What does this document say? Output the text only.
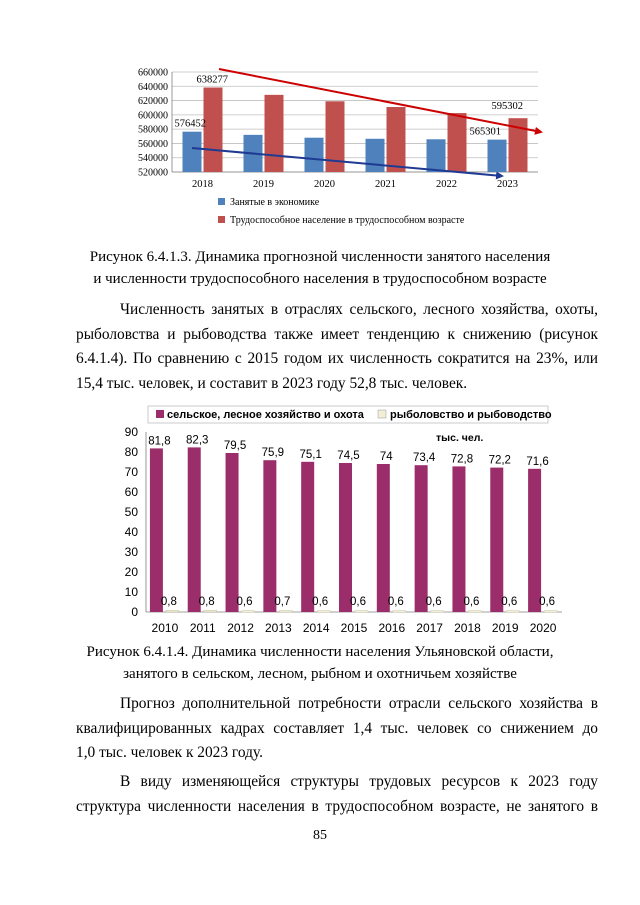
520000
540000
560000
580000
600000
620000
640000
660000
2018	2019	2020	2021	2022	2023
576452
638277
565301
595302
Занятые в экономике
Трудоспособное население в трудоспособном возрасте
Рисунок 6.4.1.3. Динамика прогнозной численности занятого населения
и численности трудоспособного населения в трудоспособном возрасте
Численность занятых в отраслях сельского, лесного хозяйства, охоты,
рыболовства и рыбоводства также имеет тенденцию к снижению (рисунок
6.4.1.4). По сравнению с 2015 годом их численность сократится на 23%, или
15,4 тыс. человек, и составит в 2023 году 52,8 тыс. человек.
сельское, лесное хозяйство и охота рыболовство и рыбоводство
тыс. чел.
0
10
20
30
40
50
60
70
80
90
81,8
0,8
82,3
0,8
79,5
0,6
75,9
0,7
75,1
0,6
74,5
0,6
74
0,6
73,4
0,6
72,8
0,6
72,2
0,6
71,6
0,6
2010 2011 2012 2013 2014 2015 2016 2017 2018 2019 2020
Рисунок 6.4.1.4. Динамика численности населения Ульяновской области,
занятого в сельском, лесном, рыбном и охотничьем хозяйстве
Прогноз дополнительной потребности отрасли сельского хозяйства в
квалифицированных кадрах составляет 1,4 тыс. человек со снижением до
1,0 тыс. человек к 2023 году.
В виду изменяющейся структуры трудовых ресурсов к 2023 году
структура численности населения в трудоспособном возрасте, не занятого в
85
